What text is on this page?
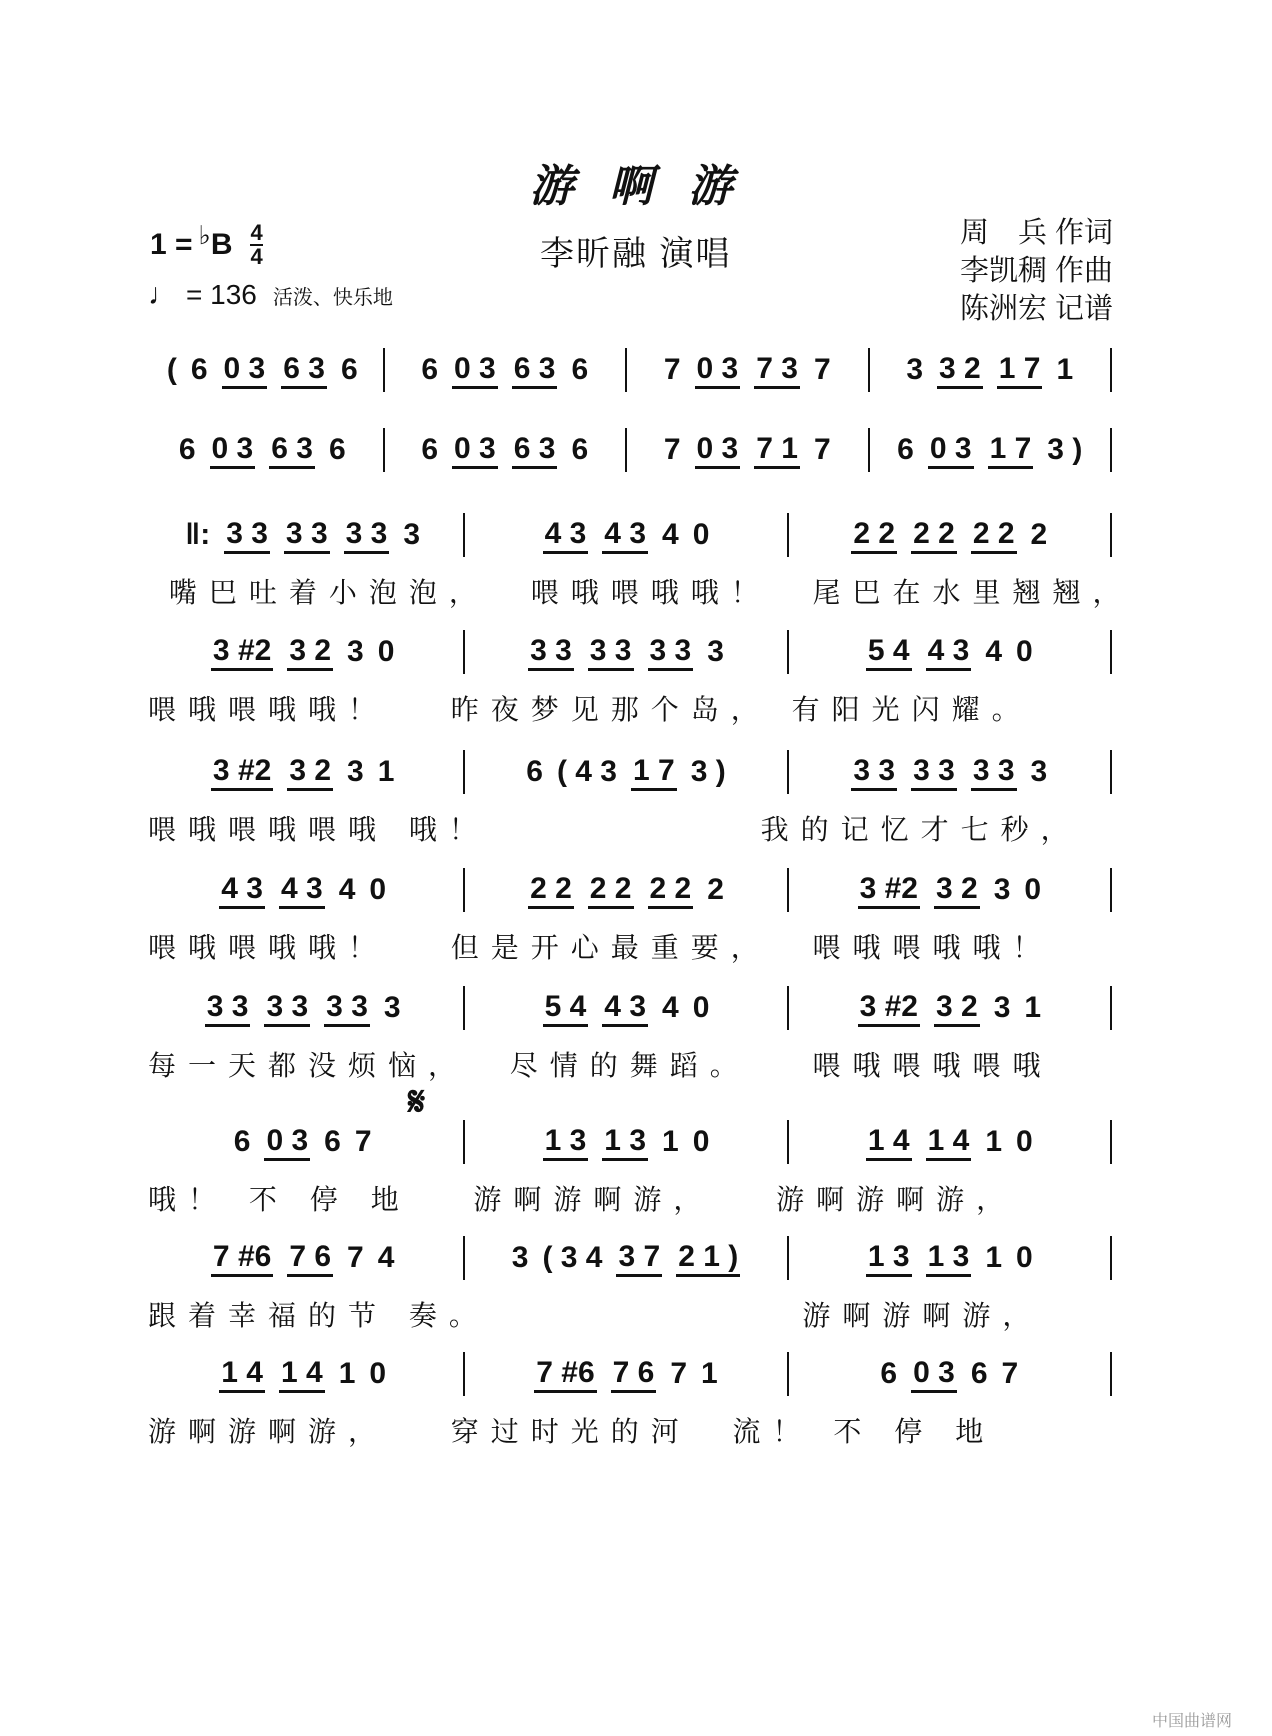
游 啊 游
李昕融 演唱
1 = ♭ B 4
4
♩ = 136 活泼、快乐地
周　兵 作词
李凯稠 作曲
陈洲宏 记谱
𝄋
( 6 0 3 6 3 6 6 0 3 6 3 6	7 0 3 7 3 7	3 3 2 1 7 1
6 0 3 6 3 6	6 0 3 6 3 6	7 0 3 7 1 7 6 0 3 1 7 3 )
‖: 3 3 3 3 3 3 3	4 3 4 3 4 0	2 2 2 2 2 2 2
嘴巴吐着小泡泡，  喂哦喂哦哦！  尾巴在水里翘翘，
3 #2 3 2 3 0	3 3 3 3 3 3 3	5 4 4 3 4 0
喂哦喂哦哦！   昨夜梦见那个岛， 有阳光闪耀。
3 #2 3 2 3 1	6 ( 4 3 1 7 3 )	3 3 3 3 3 3 3
喂哦喂哦喂哦 哦！             我的记忆才七秒，
4 3 4 3 4 0	2 2 2 2 2 2 2	3 #2 3 2 3 0
喂哦喂哦哦！   但是开心最重要，  喂哦喂哦哦！
3 3 3 3 3 3 3	5 4 4 3 4 0	3 #2 3 2 3 1
每一天都没烦恼，  尽情的舞蹈。   喂哦喂哦喂哦
6 0 3 6 7	1 3 1 3 1 0	1 4 1 4 1 0
哦！ 不 停 地   游啊游啊游，   游啊游啊游，
7 #6 7 6 7 4	3 ( 3 4 3 7 2 1 )	1 3 1 3 1 0
跟着幸福的节 奏。               游啊游啊游，
1 4 1 4 1 0	7 #6 7 6 7 1	6 0 3 6 7
游啊游啊游，   穿过时光的河  流！ 不 停 地
中国曲谱网
